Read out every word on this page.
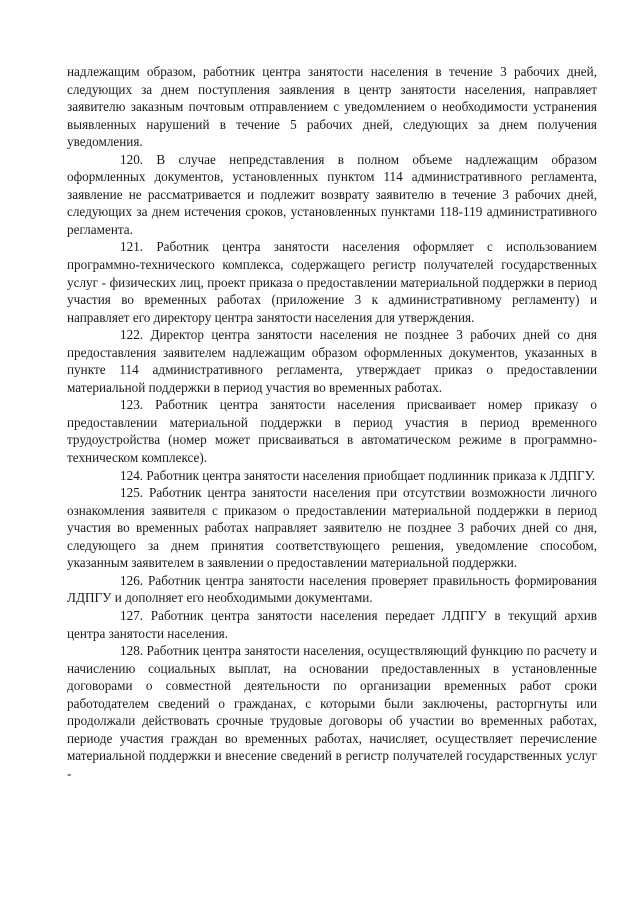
надлежащим образом, работник центра занятости населения в течение 3 рабочих дней, следующих за днем поступления заявления в центр занятости населения, направляет заявителю заказным почтовым отправлением с уведомлением о необходимости устранения выявленных нарушений в течение 5 рабочих дней, следующих за днем получения уведомления.

120. В случае непредставления в полном объеме надлежащим образом оформленных документов, установленных пунктом 114 административного регламента, заявление не рассматривается и подлежит возврату заявителю в течение 3 рабочих дней, следующих за днем истечения сроков, установленных пунктами 118-119 административного регламента.

121. Работник центра занятости населения оформляет с использованием программно-технического комплекса, содержащего регистр получателей государственных услуг - физических лиц, проект приказа о предоставлении материальной поддержки в период участия во временных работах (приложение 3 к административному регламенту) и направляет его директору центра занятости населения для утверждения.

122. Директор центра занятости населения не позднее 3 рабочих дней со дня предоставления заявителем надлежащим образом оформленных документов, указанных в пункте 114 административного регламента, утверждает приказ о предоставлении материальной поддержки в период участия во временных работах.

123. Работник центра занятости населения присваивает номер приказу о предоставлении материальной поддержки в период участия в период временного трудоустройства (номер может присваиваться в автоматическом режиме в программно-техническом комплексе).

124. Работник центра занятости населения приобщает подлинник приказа к ЛДПГУ.

125. Работник центра занятости населения при отсутствии возможности личного ознакомления заявителя с приказом о предоставлении материальной поддержки в период участия во временных работах направляет заявителю не позднее 3 рабочих дней со дня, следующего за днем принятия соответствующего решения, уведомление способом, указанным заявителем в заявлении о предоставлении материальной поддержки.

126. Работник центра занятости населения проверяет правильность формирования ЛДПГУ и дополняет его необходимыми документами.

127. Работник центра занятости населения передает ЛДПГУ в текущий архив центра занятости населения.

128. Работник центра занятости населения, осуществляющий функцию по расчету и начислению социальных выплат, на основании предоставленных в установленные договорами о совместной деятельности по организации временных работ сроки работодателем сведений о гражданах, с которыми были заключены, расторгнуты или продолжали действовать срочные трудовые договоры об участии во временных работах, периоде участия граждан во временных работах, начисляет, осуществляет перечисление материальной поддержки и внесение сведений в регистр получателей государственных услуг -
